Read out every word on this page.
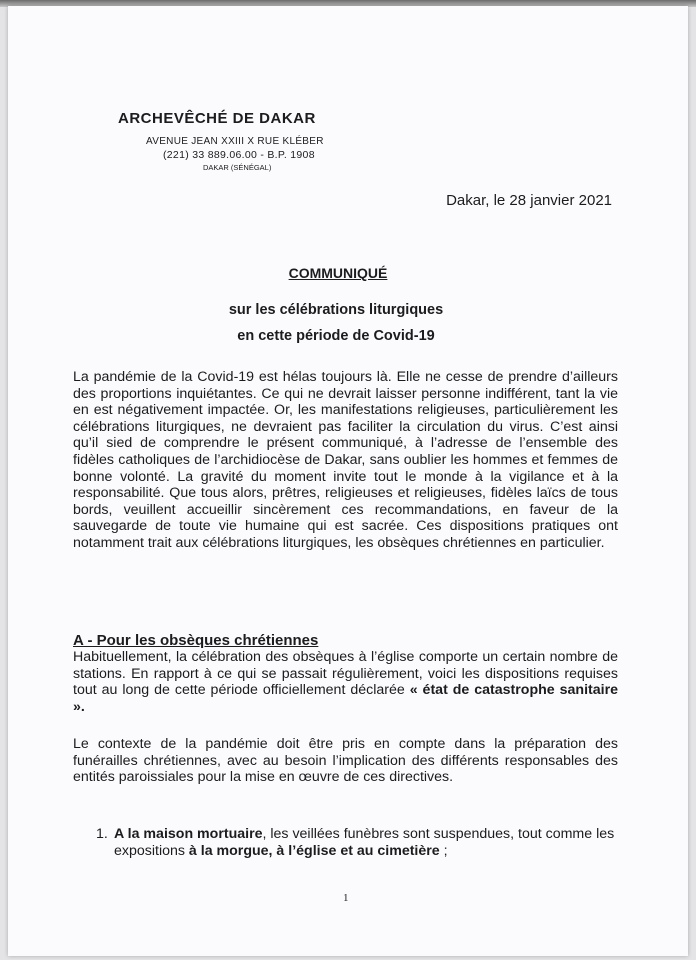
ARCHEVÊCHÉ DE DAKAR
AVENUE JEAN XXIII X RUE KLÉBER
(221) 33 889.06.00 - B.P. 1908
DAKAR (SÉNÉGAL)
Dakar, le 28 janvier 2021
COMMUNIQUÉ
sur les célébrations liturgiques
en cette période de Covid-19
La pandémie de la Covid-19 est hélas toujours là. Elle ne cesse de prendre d’ailleurs des proportions inquiétantes. Ce qui ne devrait laisser personne indifférent, tant la vie en est négativement impactée. Or, les manifestations religieuses, particulièrement les célébrations liturgiques, ne devraient pas faciliter la circulation du virus. C’est ainsi qu’il sied de comprendre le présent communiqué, à l’adresse de l’ensemble des fidèles catholiques de l’archidiocèse de Dakar, sans oublier les hommes et femmes de bonne volonté. La gravité du moment invite tout le monde à la vigilance et à la responsabilité. Que tous alors, prêtres, religieuses et religieuses, fidèles laïcs de tous bords, veuillent accueillir sincèrement ces recommandations, en faveur de la sauvegarde de toute vie humaine qui est sacrée. Ces dispositions pratiques ont notamment trait aux célébrations liturgiques, les obsèques chrétiennes en particulier.
A - Pour les obsèques chrétiennes
Habituellement, la célébration des obsèques à l’église comporte un certain nombre de stations. En rapport à ce qui se passait régulièrement, voici les dispositions requises tout au long de cette période officiellement déclarée « état de catastrophe sanitaire ».
Le contexte de la pandémie doit être pris en compte dans la préparation des funérailles chrétiennes, avec au besoin l’implication des différents responsables des entités paroissiales pour la mise en œuvre de ces directives.
1. A la maison mortuaire, les veillées funèbres sont suspendues, tout comme les expositions à la morgue, à l’église et au cimetière ;
1
